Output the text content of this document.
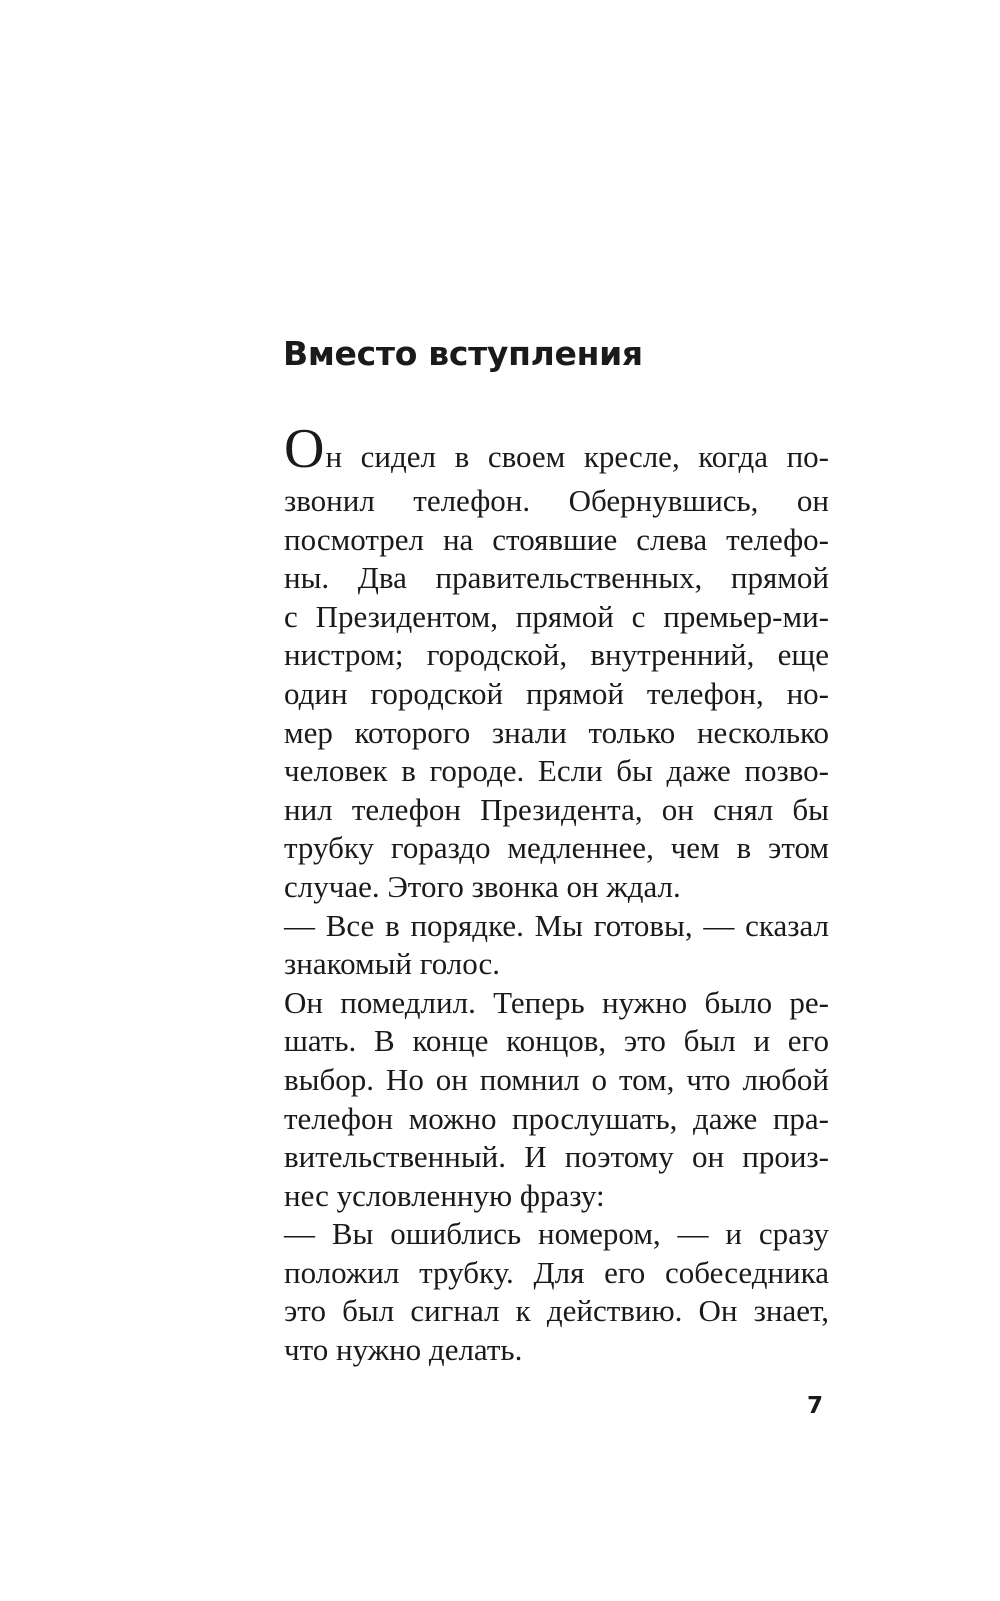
Вместо вступления
Он сидел в своем кресле, когда по-
звонил телефон. Обернувшись, он
посмотрел на стоявшие слева телефо-
ны. Два правительственных, прямой
с Президентом, прямой с премьер-ми-
нистром; городской, внутренний, еще
один городской прямой телефон, но-
мер которого знали только несколько
человек в городе. Если бы даже позво-
нил телефон Президента, он снял бы
трубку гораздо медленнее, чем в этом
случае. Этого звонка он ждал.
— Все в порядке. Мы готовы, — сказал
знакомый голос.
Он помедлил. Теперь нужно было ре-
шать. В конце концов, это был и его
выбор. Но он помнил о том, что любой
телефон можно прослушать, даже пра-
вительственный. И поэтому он произ-
нес условленную фразу:
— Вы ошиблись номером, — и сразу
положил трубку. Для его собеседника
это был сигнал к действию. Он знает,
что нужно делать.
7
